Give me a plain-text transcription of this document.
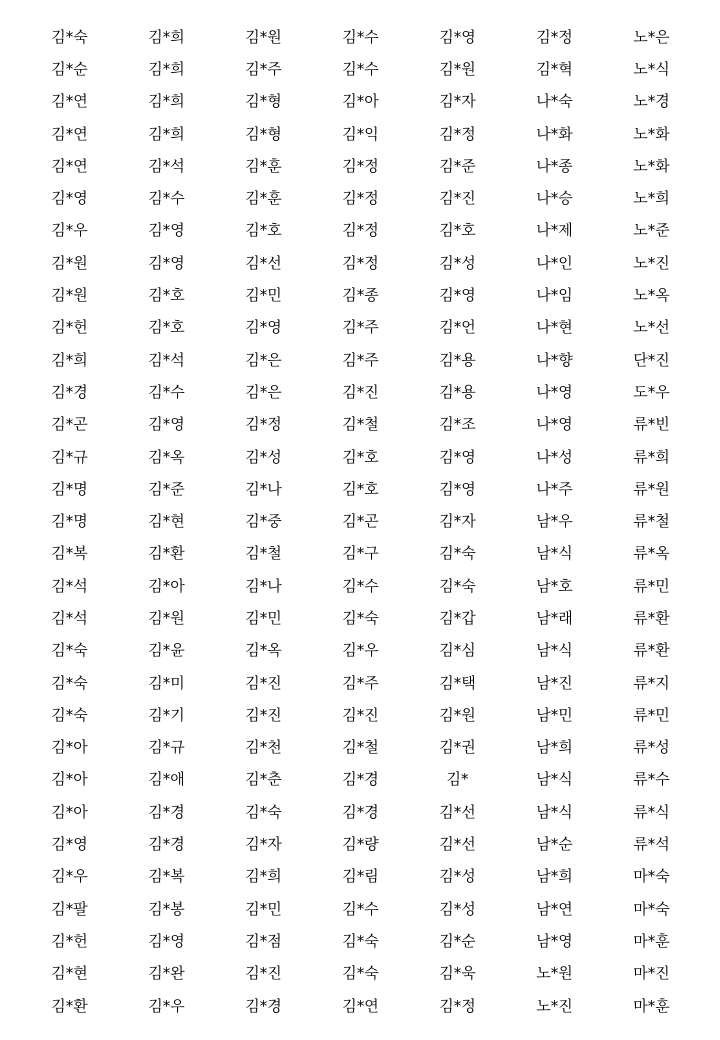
김*숙	김*희	김*원	김*수	김*영	김*정	노*은
김*순	김*희	김*주	김*수	김*원	김*혁	노*식
김*연	김*희	김*형	김*아	김*자	나*숙	노*경
김*연	김*희	김*형	김*익	김*정	나*화	노*화
김*연	김*석	김*훈	김*정	김*준	나*종	노*화
김*영	김*수	김*훈	김*정	김*진	나*승	노*희
김*우	김*영	김*호	김*정	김*호	나*제	노*준
김*원	김*영	김*선	김*정	김*성	나*인	노*진
김*원	김*호	김*민	김*종	김*영	나*임	노*옥
김*헌	김*호	김*영	김*주	김*언	나*현	노*선
김*희	김*석	김*은	김*주	김*용	나*향	단*진
김*경	김*수	김*은	김*진	김*용	나*영	도*우
김*곤	김*영	김*정	김*철	김*조	나*영	류*빈
김*규	김*옥	김*성	김*호	김*영	나*성	류*희
김*명	김*준	김*나	김*호	김*영	나*주	류*원
김*명	김*현	김*중	김*곤	김*자	남*우	류*철
김*복	김*환	김*철	김*구	김*숙	남*식	류*옥
김*석	김*아	김*나	김*수	김*숙	남*호	류*민
김*석	김*원	김*민	김*숙	김*갑	남*래	류*환
김*숙	김*윤	김*옥	김*우	김*심	남*식	류*환
김*숙	김*미	김*진	김*주	김*택	남*진	류*지
김*숙	김*기	김*진	김*진	김*원	남*민	류*민
김*아	김*규	김*천	김*철	김*권	남*희	류*성
김*아	김*애	김*춘	김*경	김*	남*식	류*수
김*아	김*경	김*숙	김*경	김*선	남*식	류*식
김*영	김*경	김*자	김*량	김*선	남*순	류*석
김*우	김*복	김*희	김*림	김*성	남*희	마*숙
김*팔	김*봉	김*민	김*수	김*성	남*연	마*숙
김*헌	김*영	김*점	김*숙	김*순	남*영	마*훈
김*현	김*완	김*진	김*숙	김*욱	노*원	마*진
김*환	김*우	김*경	김*연	김*정	노*진	마*훈
